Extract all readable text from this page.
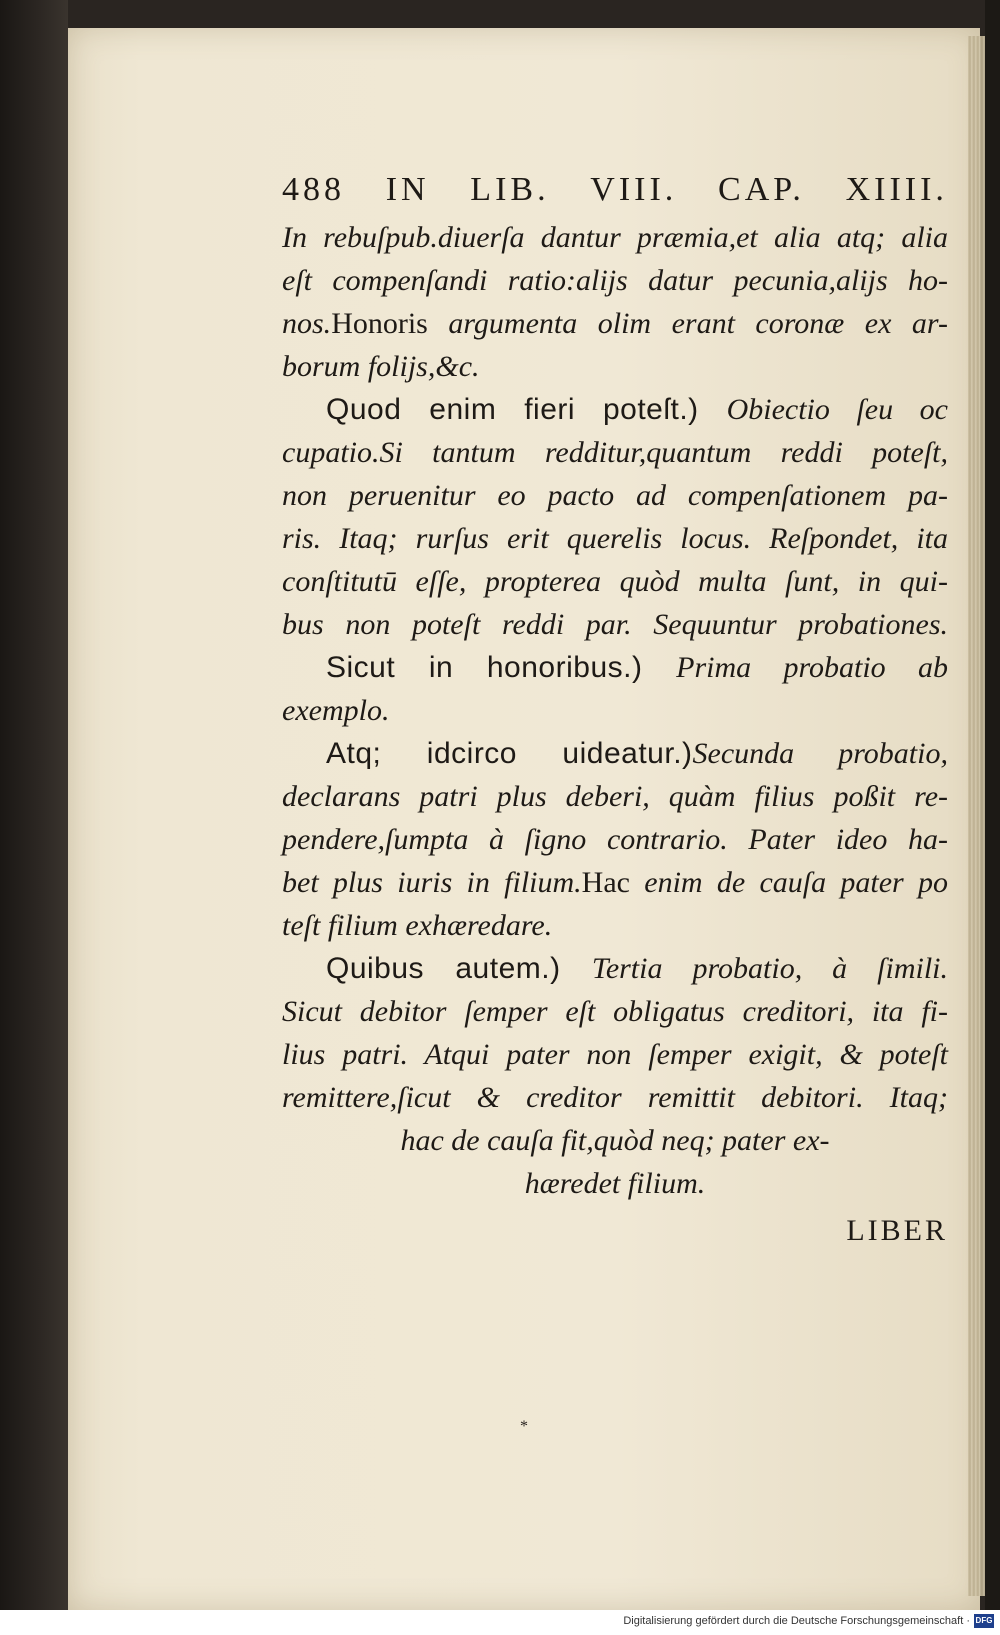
488 IN LIB. VIII. CAP. XIIII.
In rebuſpub.diuerſa dantur præmia,et alia atq; alia
eſt compenſandi ratio:alijs datur pecunia,alijs ho-
nos.Honoris argumenta olim erant coronæ ex ar-
borum folijs,&c.
Quod enim fieri poteſt.) Obiectio ſeu oc
cupatio.Si tantum redditur,quantum reddi poteſt,
non peruenitur eo pacto ad compenſationem pa-
ris. Itaq; rurſus erit querelis locus. Reſpondet, ita
conſtitutū eſſe, propterea quòd multa ſunt, in qui-
bus non poteſt reddi par. Sequuntur probationes.
Sicut in honoribus.) Prima probatio ab
exemplo.
Atq; idcirco uideatur.)Secunda probatio,
declarans patri plus deberi, quàm filius poßit re-
pendere,ſumpta à ſigno contrario. Pater ideo ha-
bet plus iuris in filium.Hac enim de cauſa pater po
teſt filium exhæredare.
Quibus autem.) Tertia probatio, à ſimili.
Sicut debitor ſemper eſt obligatus creditori, ita fi-
lius patri. Atqui pater non ſemper exigit, & poteſt
remittere,ſicut & creditor remittit debitori. Itaq;
hac de cauſa fit,quòd neq; pater ex-
hæredet filium.
LIBER
*
Digitalisierung gefördert durch die Deutsche Forschungsgemeinschaft · DFG
